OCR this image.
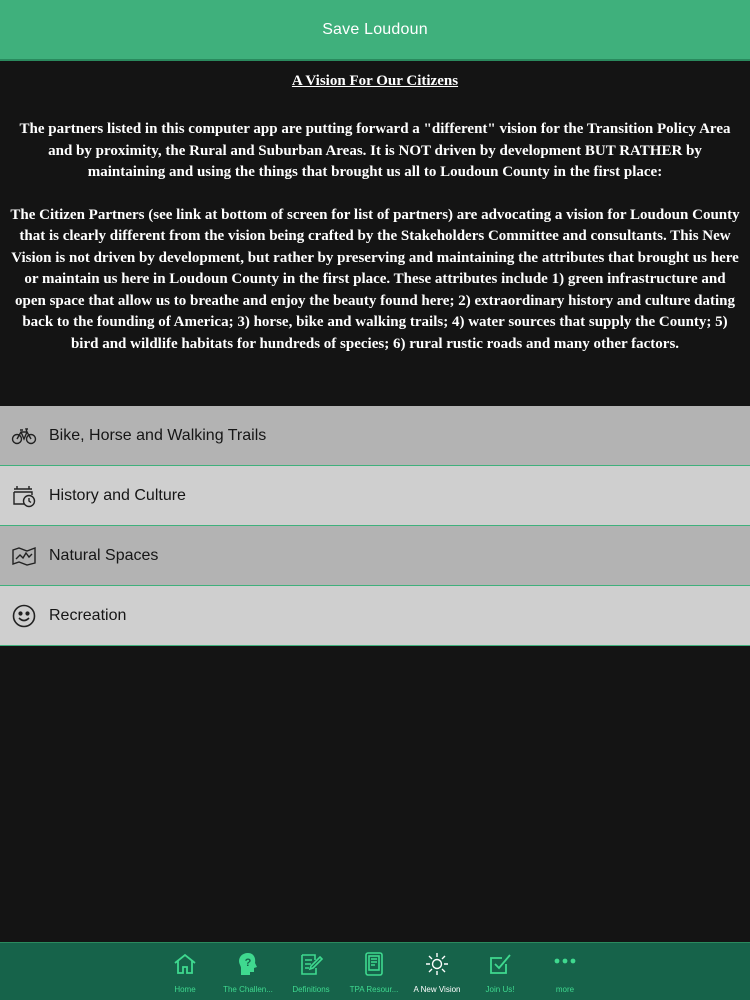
Save Loudoun
A Vision For Our Citizens
The partners listed in this computer app are putting forward a "different" vision for the Transition Policy Area and by proximity, the Rural and Suburban Areas. It is NOT driven by development BUT RATHER by maintaining and using the things that brought us all to Loudoun County in the first place:
The Citizen Partners (see link at bottom of screen for list of partners) are advocating a vision for Loudoun County that is clearly different from the vision being crafted by the Stakeholders Committee and consultants. This New Vision is not driven by development, but rather by preserving and maintaining the attributes that brought us here or maintain us here in Loudoun County in the first place. These attributes include 1) green infrastructure and open space that allow us to breathe and enjoy the beauty found here; 2) extraordinary history and culture dating back to the founding of America; 3) horse, bike and walking trails; 4) water sources that supply the County; 5) bird and wildlife habitats for hundreds of species; 6) rural rustic roads and many other factors.
Bike, Horse and Walking Trails
History and Culture
Natural Spaces
Recreation
Home
?
The Challen... Definitions TPA Resour... A New Vision	Join Us!	more
